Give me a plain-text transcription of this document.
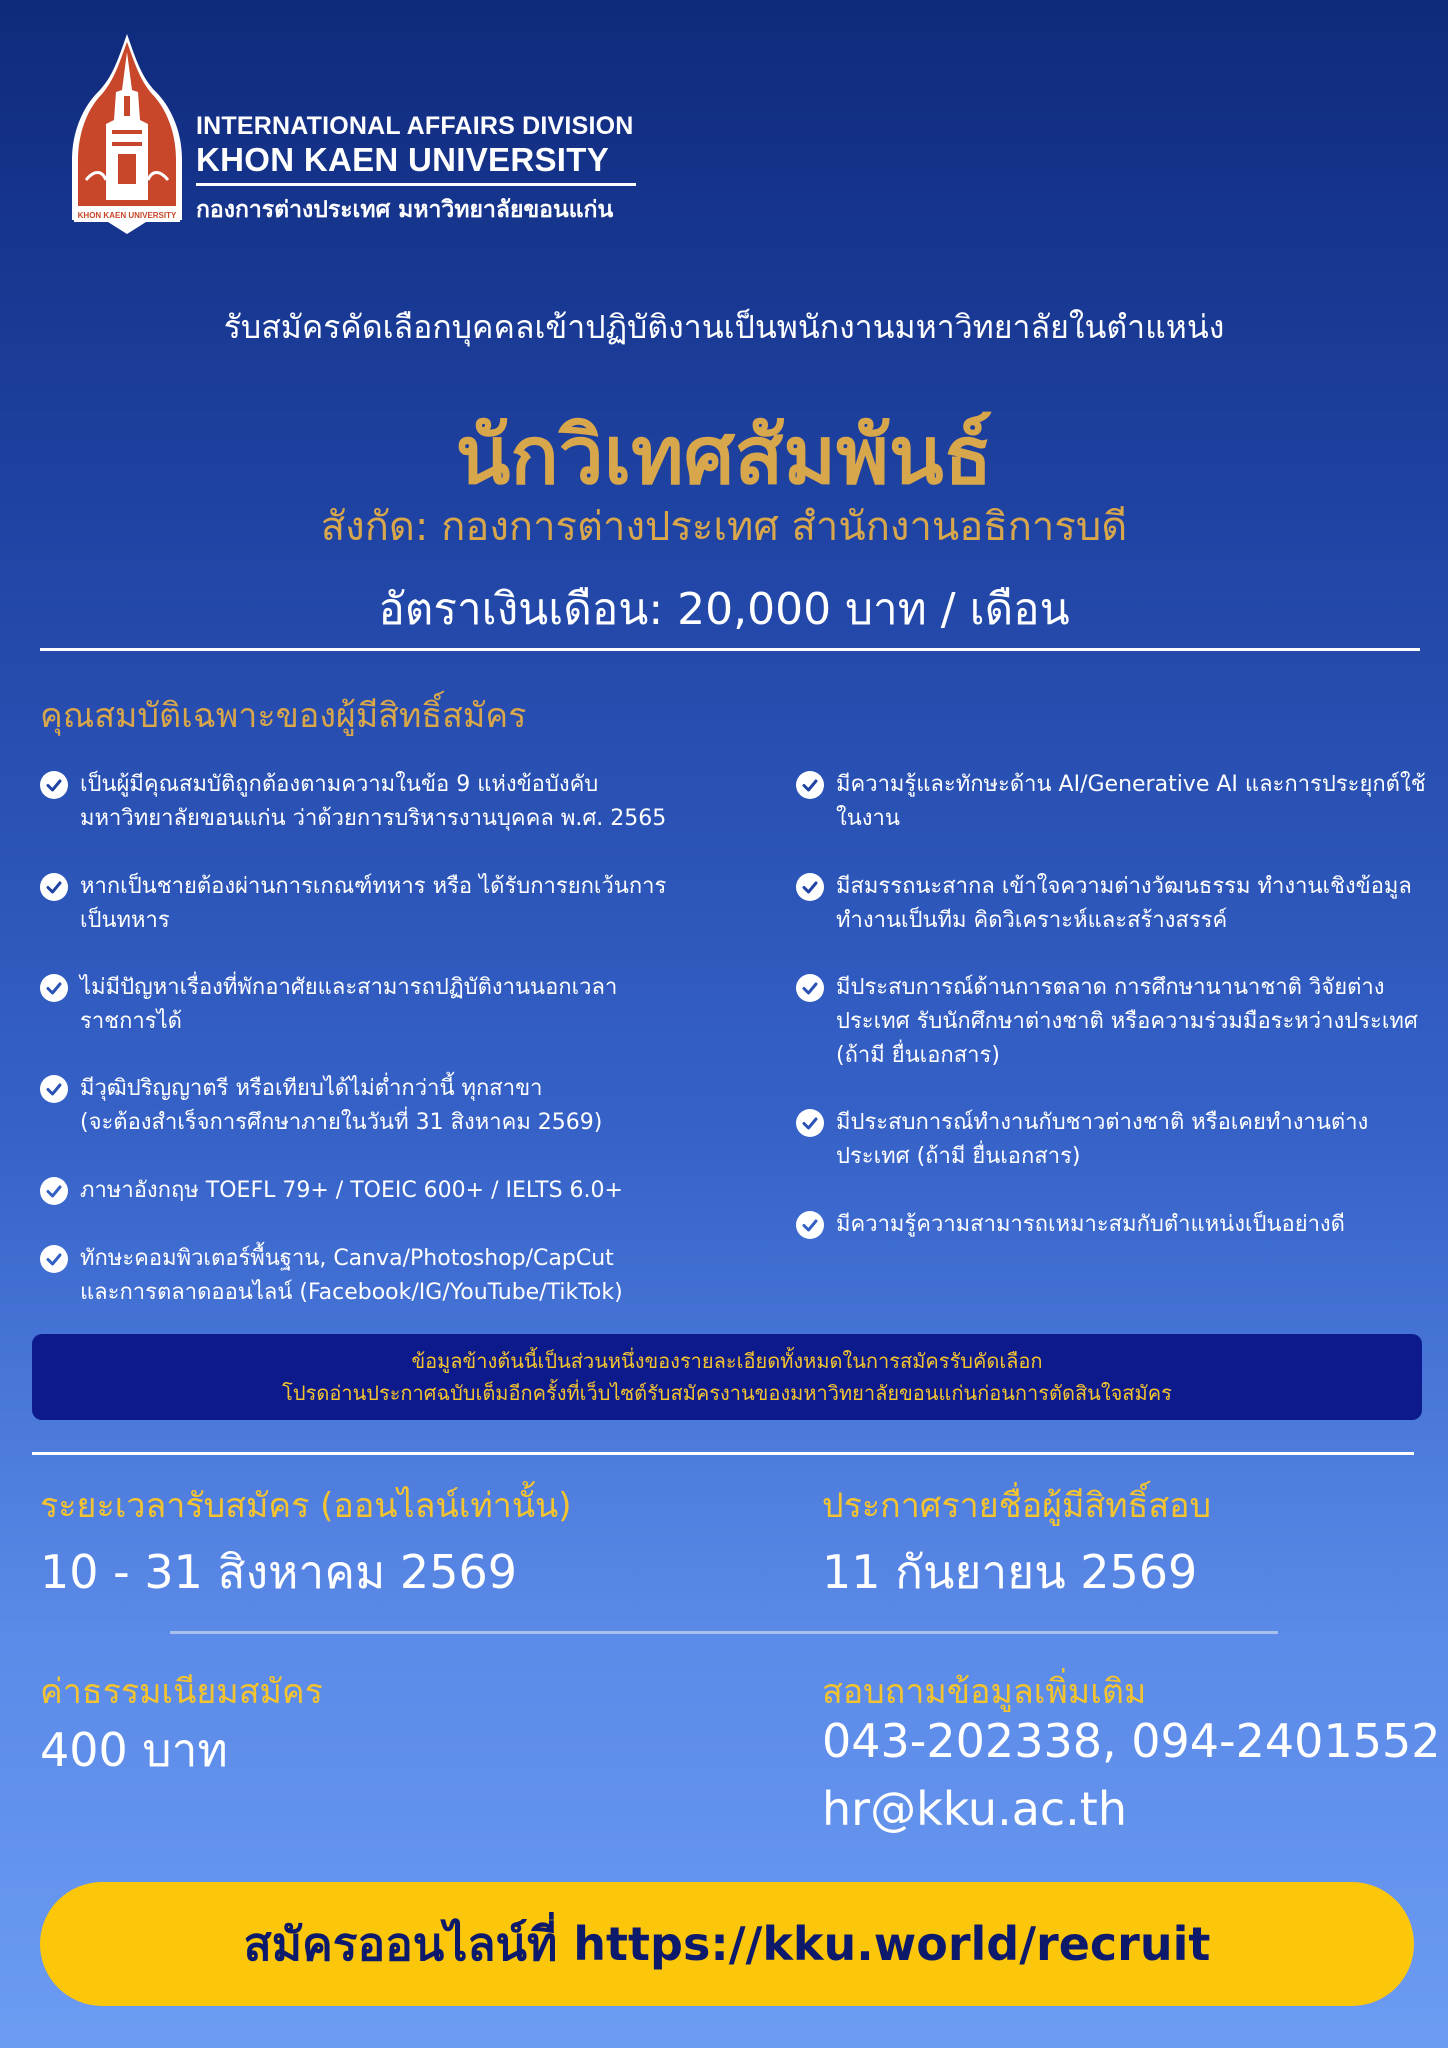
KHON KAEN UNIVERSITY
INTERNATIONAL AFFAIRS DIVISION
KHON KAEN UNIVERSITY
กองการต่างประเทศ มหาวิทยาลัยขอนแก่น
รับสมัครคัดเลือกบุคคลเข้าปฏิบัติงานเป็นพนักงานมหาวิทยาลัยในตำแหน่ง
นักวิเทศสัมพันธ์
สังกัด: กองการต่างประเทศ สำนักงานอธิการบดี
อัตราเงินเดือน: 20,000 บาท / เดือน
คุณสมบัติเฉพาะของผู้มีสิทธิ์สมัคร
เป็นผู้มีคุณสมบัติถูกต้องตามความในข้อ 9 แห่งข้อบังคับ
มหาวิทยาลัยขอนแก่น ว่าด้วยการบริหารงานบุคคล พ.ศ. 2565
หากเป็นชายต้องผ่านการเกณฑ์ทหาร หรือ ได้รับการยกเว้นการ
เป็นทหาร
ไม่มีปัญหาเรื่องที่พักอาศัยและสามารถปฏิบัติงานนอกเวลา
ราชการได้
มีวุฒิปริญญาตรี หรือเทียบได้ไม่ต่ำกว่านี้ ทุกสาขา
(จะต้องสำเร็จการศึกษาภายในวันที่ 31 สิงหาคม 2569)
ภาษาอังกฤษ TOEFL 79+ / TOEIC 600+ / IELTS 6.0+
ทักษะคอมพิวเตอร์พื้นฐาน, Canva/Photoshop/CapCut
และการตลาดออนไลน์ (Facebook/IG/YouTube/TikTok)
มีความรู้และทักษะด้าน AI/Generative AI และการประยุกต์ใช้
ในงาน
มีสมรรถนะสากล เข้าใจความต่างวัฒนธรรม ทำงานเชิงข้อมูล
ทำงานเป็นทีม คิดวิเคราะห์และสร้างสรรค์
มีประสบการณ์ด้านการตลาด การศึกษานานาชาติ วิจัยต่าง
ประเทศ รับนักศึกษาต่างชาติ หรือความร่วมมือระหว่างประเทศ
(ถ้ามี ยื่นเอกสาร)
มีประสบการณ์ทำงานกับชาวต่างชาติ หรือเคยทำงานต่าง
ประเทศ (ถ้ามี ยื่นเอกสาร)
มีความรู้ความสามารถเหมาะสมกับตำแหน่งเป็นอย่างดี
ข้อมูลข้างต้นนี้เป็นส่วนหนึ่งของรายละเอียดทั้งหมดในการสมัครรับคัดเลือก
โปรดอ่านประกาศฉบับเต็มอีกครั้งที่เว็บไซต์รับสมัครงานของมหาวิทยาลัยขอนแก่นก่อนการตัดสินใจสมัคร
ระยะเวลารับสมัคร (ออนไลน์เท่านั้น)
10 - 31 สิงหาคม 2569
ประกาศรายชื่อผู้มีสิทธิ์สอบ
11 กันยายน 2569
ค่าธรรมเนียมสมัคร
400 บาท
สอบถามข้อมูลเพิ่มเติม
043-202338, 094-2401552
hr@kku.ac.th
สมัครออนไลน์ที่ https://kku.world/recruit
